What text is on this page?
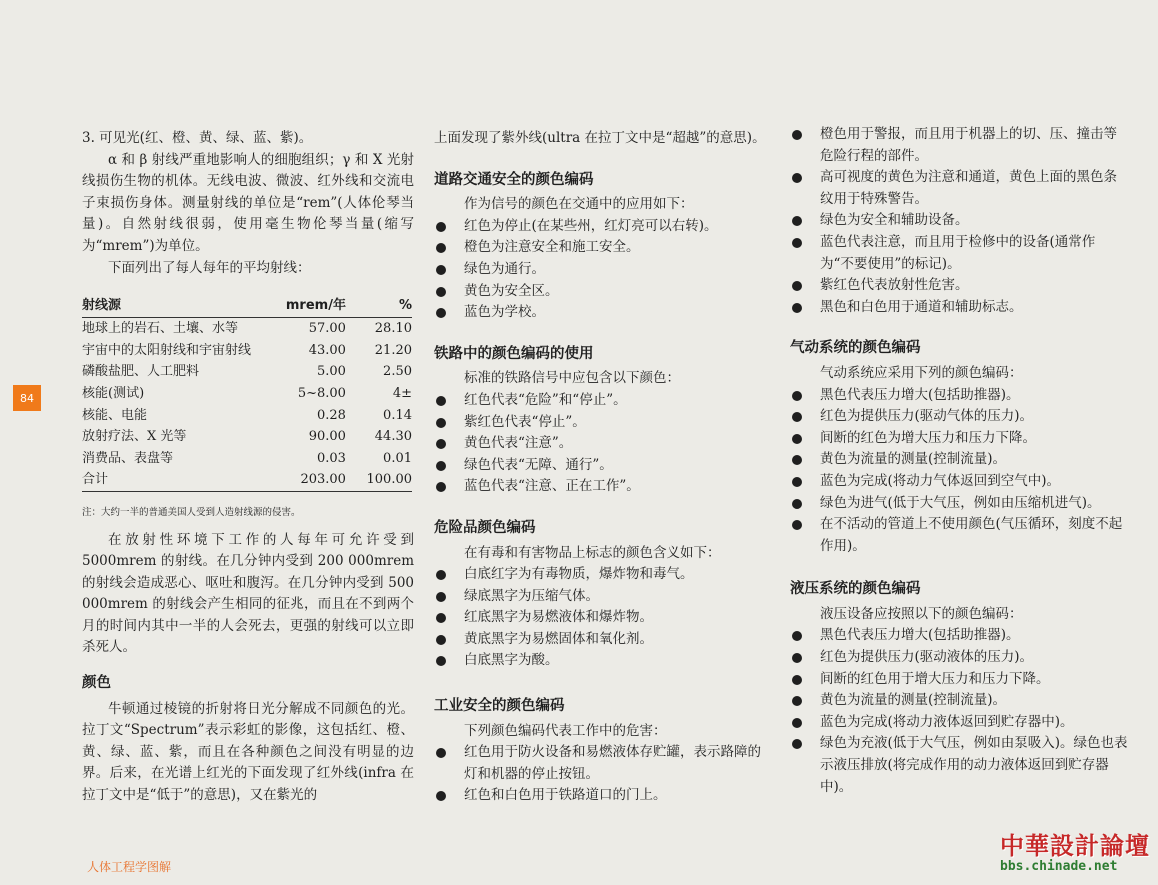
84

3. 可见光(红、橙、黄、绿、蓝、紫)。

α 和 β 射线严重地影响人的细胞组织；γ 和 X 光射线损伤生物的机体。无线电波、微波、红外线和交流电子束损伤身体。测量射线的单位是“rem”(人体伦琴当量)。自然射线很弱，使用毫生物伦琴当量(缩写为“mrem”)为单位。

下面列出了每人每年的平均射线：

射线源	mrem/年	%
地球上的岩石、土壤、水等	57.00	28.10
宇宙中的太阳射线和宇宙射线	43.00	21.20
磷酸盐肥、人工肥料	5.00	2.50
核能(测试)	5~8.00	4±
核能、电能	0.28	0.14
放射疗法、X 光等	90.00	44.30
消费品、表盘等	0.03	0.01
合计	203.00	100.00
注：大约一半的普通美国人受到人造射线源的侵害。

在放射性环境下工作的人每年可允许受到 5000mrem 的射线。在几分钟内受到 200 000mrem 的射线会造成恶心、呕吐和腹泻。在几分钟内受到 500 000mrem 的射线会产生相同的征兆，而且在不到两个月的时间内其中一半的人会死去，更强的射线可以立即杀死人。

颜色

牛顿通过棱镜的折射将日光分解成不同颜色的光。拉丁文“Spectrum”表示彩虹的影像，这包括红、橙、黄、绿、蓝、紫，而且在各种颜色之间没有明显的边界。后来，在光谱上红光的下面发现了红外线(infra 在拉丁文中是“低于”的意思)，又在紫光的

上面发现了紫外线(ultra 在拉丁文中是“超越”的意思)。

道路交通安全的颜色编码

作为信号的颜色在交通中的应用如下：
红色为停止(在某些州，红灯亮可以右转)。
橙色为注意安全和施工安全。
绿色为通行。
黄色为安全区。
蓝色为学校。

铁路中的颜色编码的使用

标准的铁路信号中应包含以下颜色：
红色代表“危险”和“停止”。
紫红色代表“停止”。
黄色代表“注意”。
绿色代表“无障、通行”。
蓝色代表“注意、正在工作”。

危险品颜色编码

在有毒和有害物品上标志的颜色含义如下：
白底红字为有毒物质，爆炸物和毒气。
绿底黑字为压缩气体。
红底黑字为易燃液体和爆炸物。
黄底黑字为易燃固体和氧化剂。
白底黑字为酸。

工业安全的颜色编码

下列颜色编码代表工作中的危害：
红色用于防火设备和易燃液体存贮罐，表示路障的灯和机器的停止按钮。
红色和白色用于铁路道口的门上。
橙色用于警报，而且用于机器上的切、压、撞击等危险行程的部件。
高可视度的黄色为注意和通道，黄色上面的黑色条纹用于特殊警告。
绿色为安全和辅助设备。
蓝色代表注意，而且用于检修中的设备(通常作为“不要使用”的标记)。
紫红色代表放射性危害。
黑色和白色用于通道和辅助标志。

气动系统的颜色编码

气动系统应采用下列的颜色编码：
黑色代表压力增大(包括助推器)。
红色为提供压力(驱动气体的压力)。
间断的红色为增大压力和压力下降。
黄色为流量的测量(控制流量)。
蓝色为完成(将动力气体返回到空气中)。
绿色为进气(低于大气压，例如由压缩机进气)。
在不活动的管道上不使用颜色(气压循环，刻度不起作用)。

液压系统的颜色编码

液压设备应按照以下的颜色编码：
黑色代表压力增大(包括助推器)。
红色为提供压力(驱动液体的压力)。
间断的红色用于增大压力和压力下降。
黄色为流量的测量(控制流量)。
蓝色为完成(将动力液体返回到贮存器中)。
绿色为充液(低于大气压，例如由泵吸入)。绿色也表示液压排放(将完成作用的动力液体返回到贮存器中)。
人体工程学图解
中華設計論壇
bbs.chinade.net
